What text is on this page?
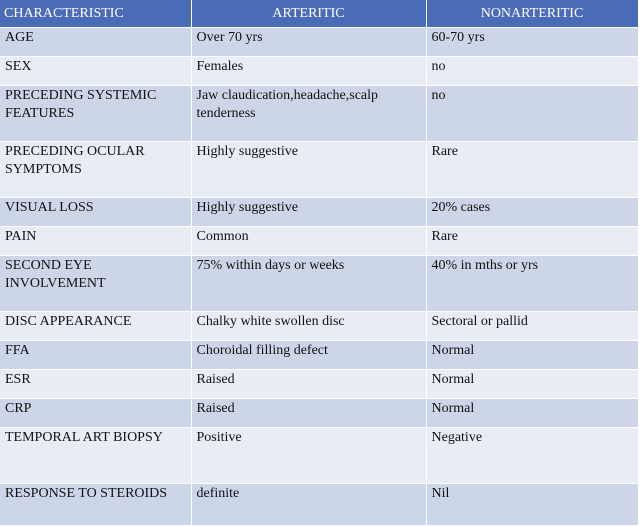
CHARACTERISTIC	ARTERITIC	NONARTERITIC
AGE	Over 70 yrs	60-70 yrs
SEX	Females	no
PRECEDING SYSTEMIC FEATURES	Jaw claudication,headache,scalp tenderness	no
PRECEDING OCULAR SYMPTOMS	Highly suggestive	Rare
VISUAL LOSS	Highly suggestive	20% cases
PAIN	Common	Rare
SECOND EYE INVOLVEMENT	75% within days or weeks	40% in mths or yrs
DISC APPEARANCE	Chalky white swollen disc	Sectoral or pallid
FFA	Choroidal filling defect	Normal
ESR	Raised	Normal
CRP	Raised	Normal
TEMPORAL ART BIOPSY	Positive	Negative
RESPONSE TO STEROIDS	definite	Nil
